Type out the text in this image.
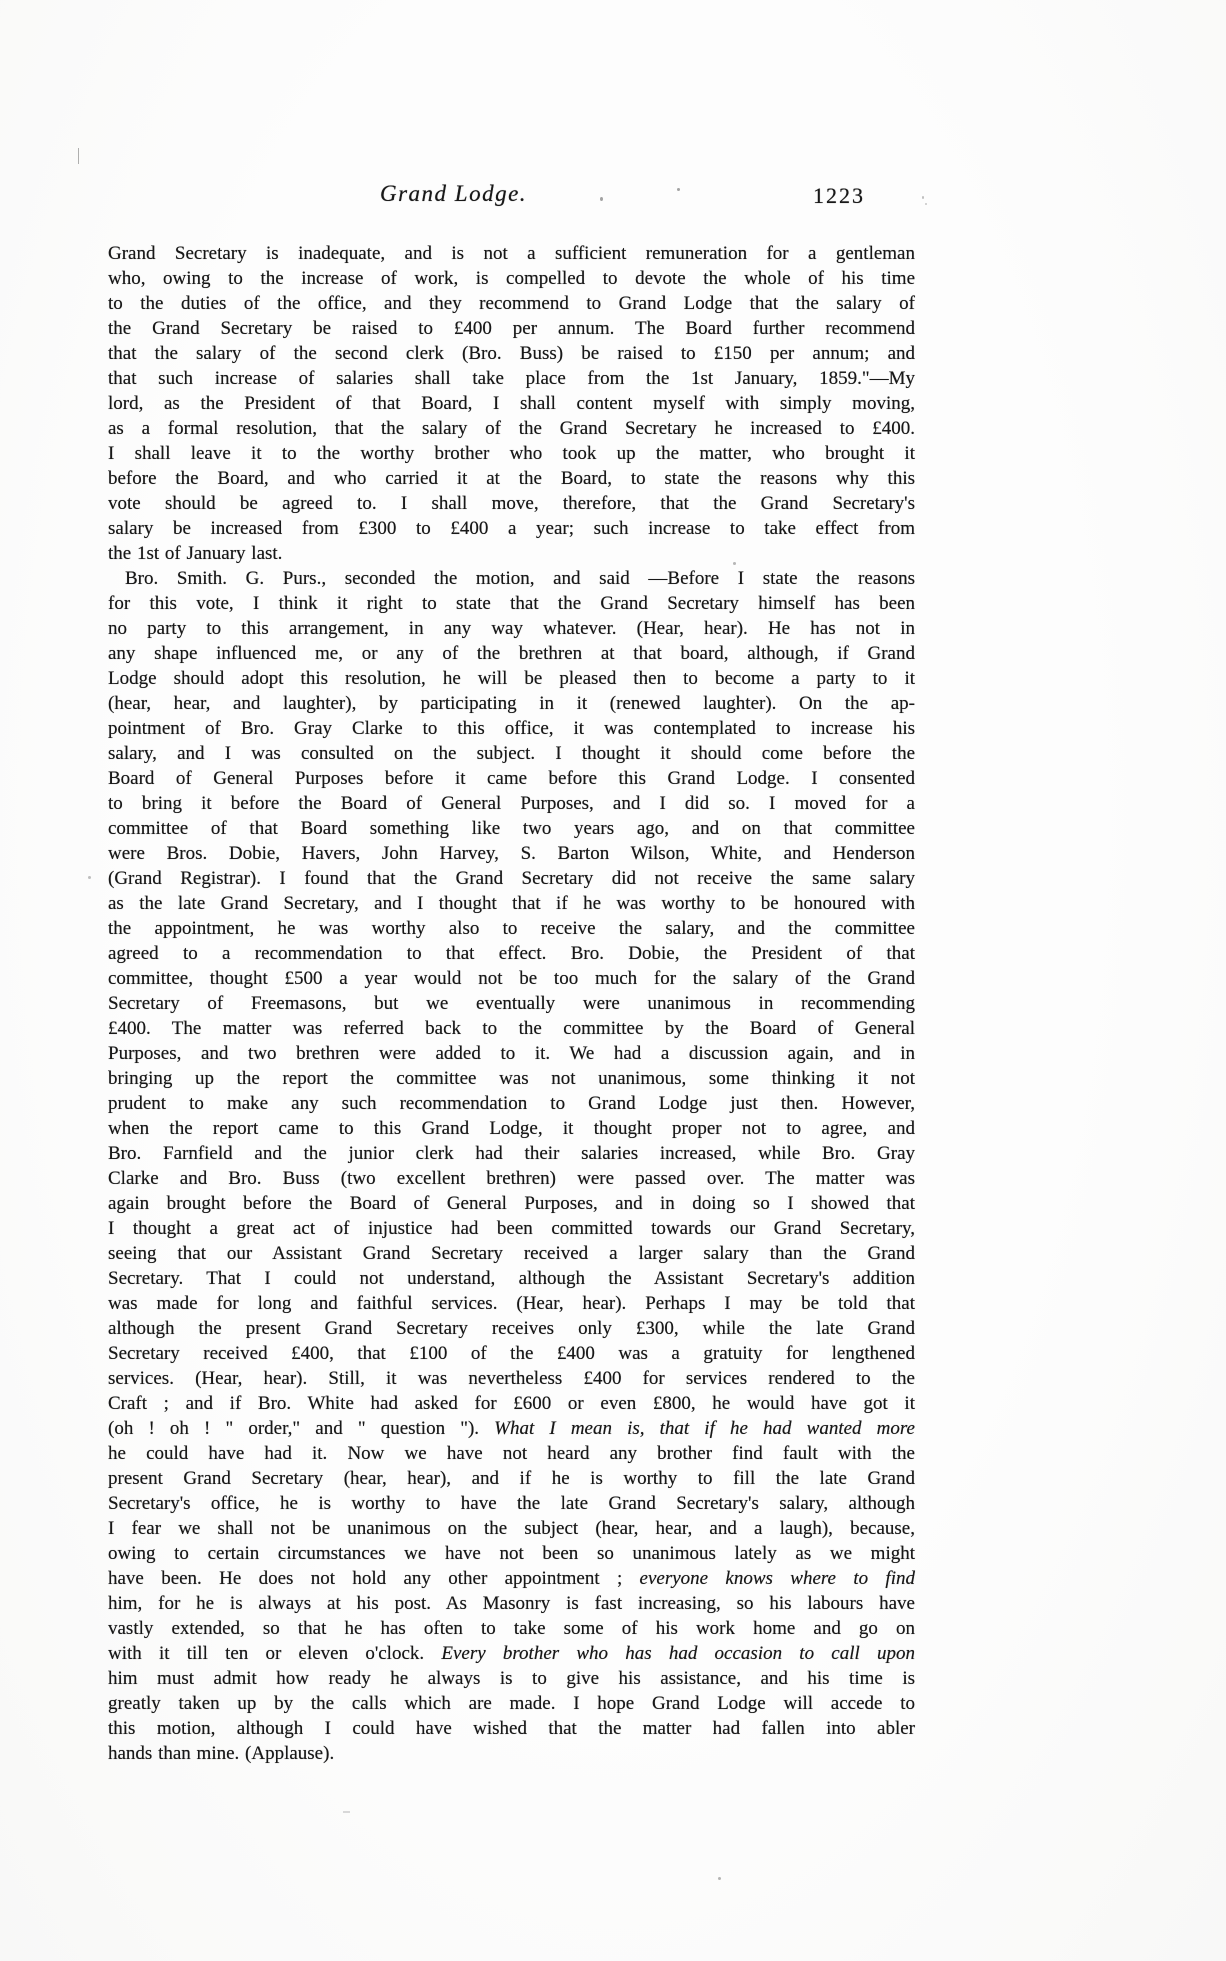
Grand Lodge.	1223
Grand Secretary is inadequate, and is not a sufficient remuneration for a gentleman
who, owing to the increase of work, is compelled to devote the whole of his time
to the duties of the office, and they recommend to Grand Lodge that the salary of
the Grand Secretary be raised to £400 per annum. The Board further recommend
that the salary of the second clerk (Bro. Buss) be raised to £150 per annum; and
that such increase of salaries shall take place from the 1st January, 1859."—My
lord, as the President of that Board, I shall content myself with simply moving,
as a formal resolution, that the salary of the Grand Secretary he increased to £400.
I shall leave it to the worthy brother who took up the matter, who brought it
before the Board, and who carried it at the Board, to state the reasons why this
vote should be agreed to. I shall move, therefore, that the Grand Secretary's
salary be increased from £300 to £400 a year; such increase to take effect from
the 1st of January last.
Bro. Smith. G. Purs., seconded the motion, and said —Before I state the reasons
for this vote, I think it right to state that the Grand Secretary himself has been
no party to this arrangement, in any way whatever. (Hear, hear). He has not in
any shape influenced me, or any of the brethren at that board, although, if Grand
Lodge should adopt this resolution, he will be pleased then to become a party to it
(hear, hear, and laughter), by participating in it (renewed laughter). On the ap-
pointment of Bro. Gray Clarke to this office, it was contemplated to increase his
salary, and I was consulted on the subject. I thought it should come before the
Board of General Purposes before it came before this Grand Lodge. I consented
to bring it before the Board of General Purposes, and I did so. I moved for a
committee of that Board something like two years ago, and on that committee
were Bros. Dobie, Havers, John Harvey, S. Barton Wilson, White, and Henderson
(Grand Registrar). I found that the Grand Secretary did not receive the same salary
as the late Grand Secretary, and I thought that if he was worthy to be honoured with
the appointment, he was worthy also to receive the salary, and the committee
agreed to a recommendation to that effect. Bro. Dobie, the President of that
committee, thought £500 a year would not be too much for the salary of the Grand
Secretary of Freemasons, but we eventually were unanimous in recommending
£400. The matter was referred back to the committee by the Board of General
Purposes, and two brethren were added to it. We had a discussion again, and in
bringing up the report the committee was not unanimous, some thinking it not
prudent to make any such recommendation to Grand Lodge just then. However,
when the report came to this Grand Lodge, it thought proper not to agree, and
Bro. Farnfield and the junior clerk had their salaries increased, while Bro. Gray
Clarke and Bro. Buss (two excellent brethren) were passed over. The matter was
again brought before the Board of General Purposes, and in doing so I showed that
I thought a great act of injustice had been committed towards our Grand Secretary,
seeing that our Assistant Grand Secretary received a larger salary than the Grand
Secretary. That I could not understand, although the Assistant Secretary's addition
was made for long and faithful services. (Hear, hear). Perhaps I may be told that
although the present Grand Secretary receives only £300, while the late Grand
Secretary received £400, that £100 of the £400 was a gratuity for lengthened
services. (Hear, hear). Still, it was nevertheless £400 for services rendered to the
Craft ; and if Bro. White had asked for £600 or even £800, he would have got it
(oh ! oh ! " order," and " question "). What I mean is, that if he had wanted more
he could have had it. Now we have not heard any brother find fault with the
present Grand Secretary (hear, hear), and if he is worthy to fill the late Grand
Secretary's office, he is worthy to have the late Grand Secretary's salary, although
I fear we shall not be unanimous on the subject (hear, hear, and a laugh), because,
owing to certain circumstances we have not been so unanimous lately as we might
have been. He does not hold any other appointment ; everyone knows where to find
him, for he is always at his post. As Masonry is fast increasing, so his labours have
vastly extended, so that he has often to take some of his work home and go on
with it till ten or eleven o'clock. Every brother who has had occasion to call upon
him must admit how ready he always is to give his assistance, and his time is
greatly taken up by the calls which are made. I hope Grand Lodge will accede to
this motion, although I could have wished that the matter had fallen into abler
hands than mine. (Applause).
